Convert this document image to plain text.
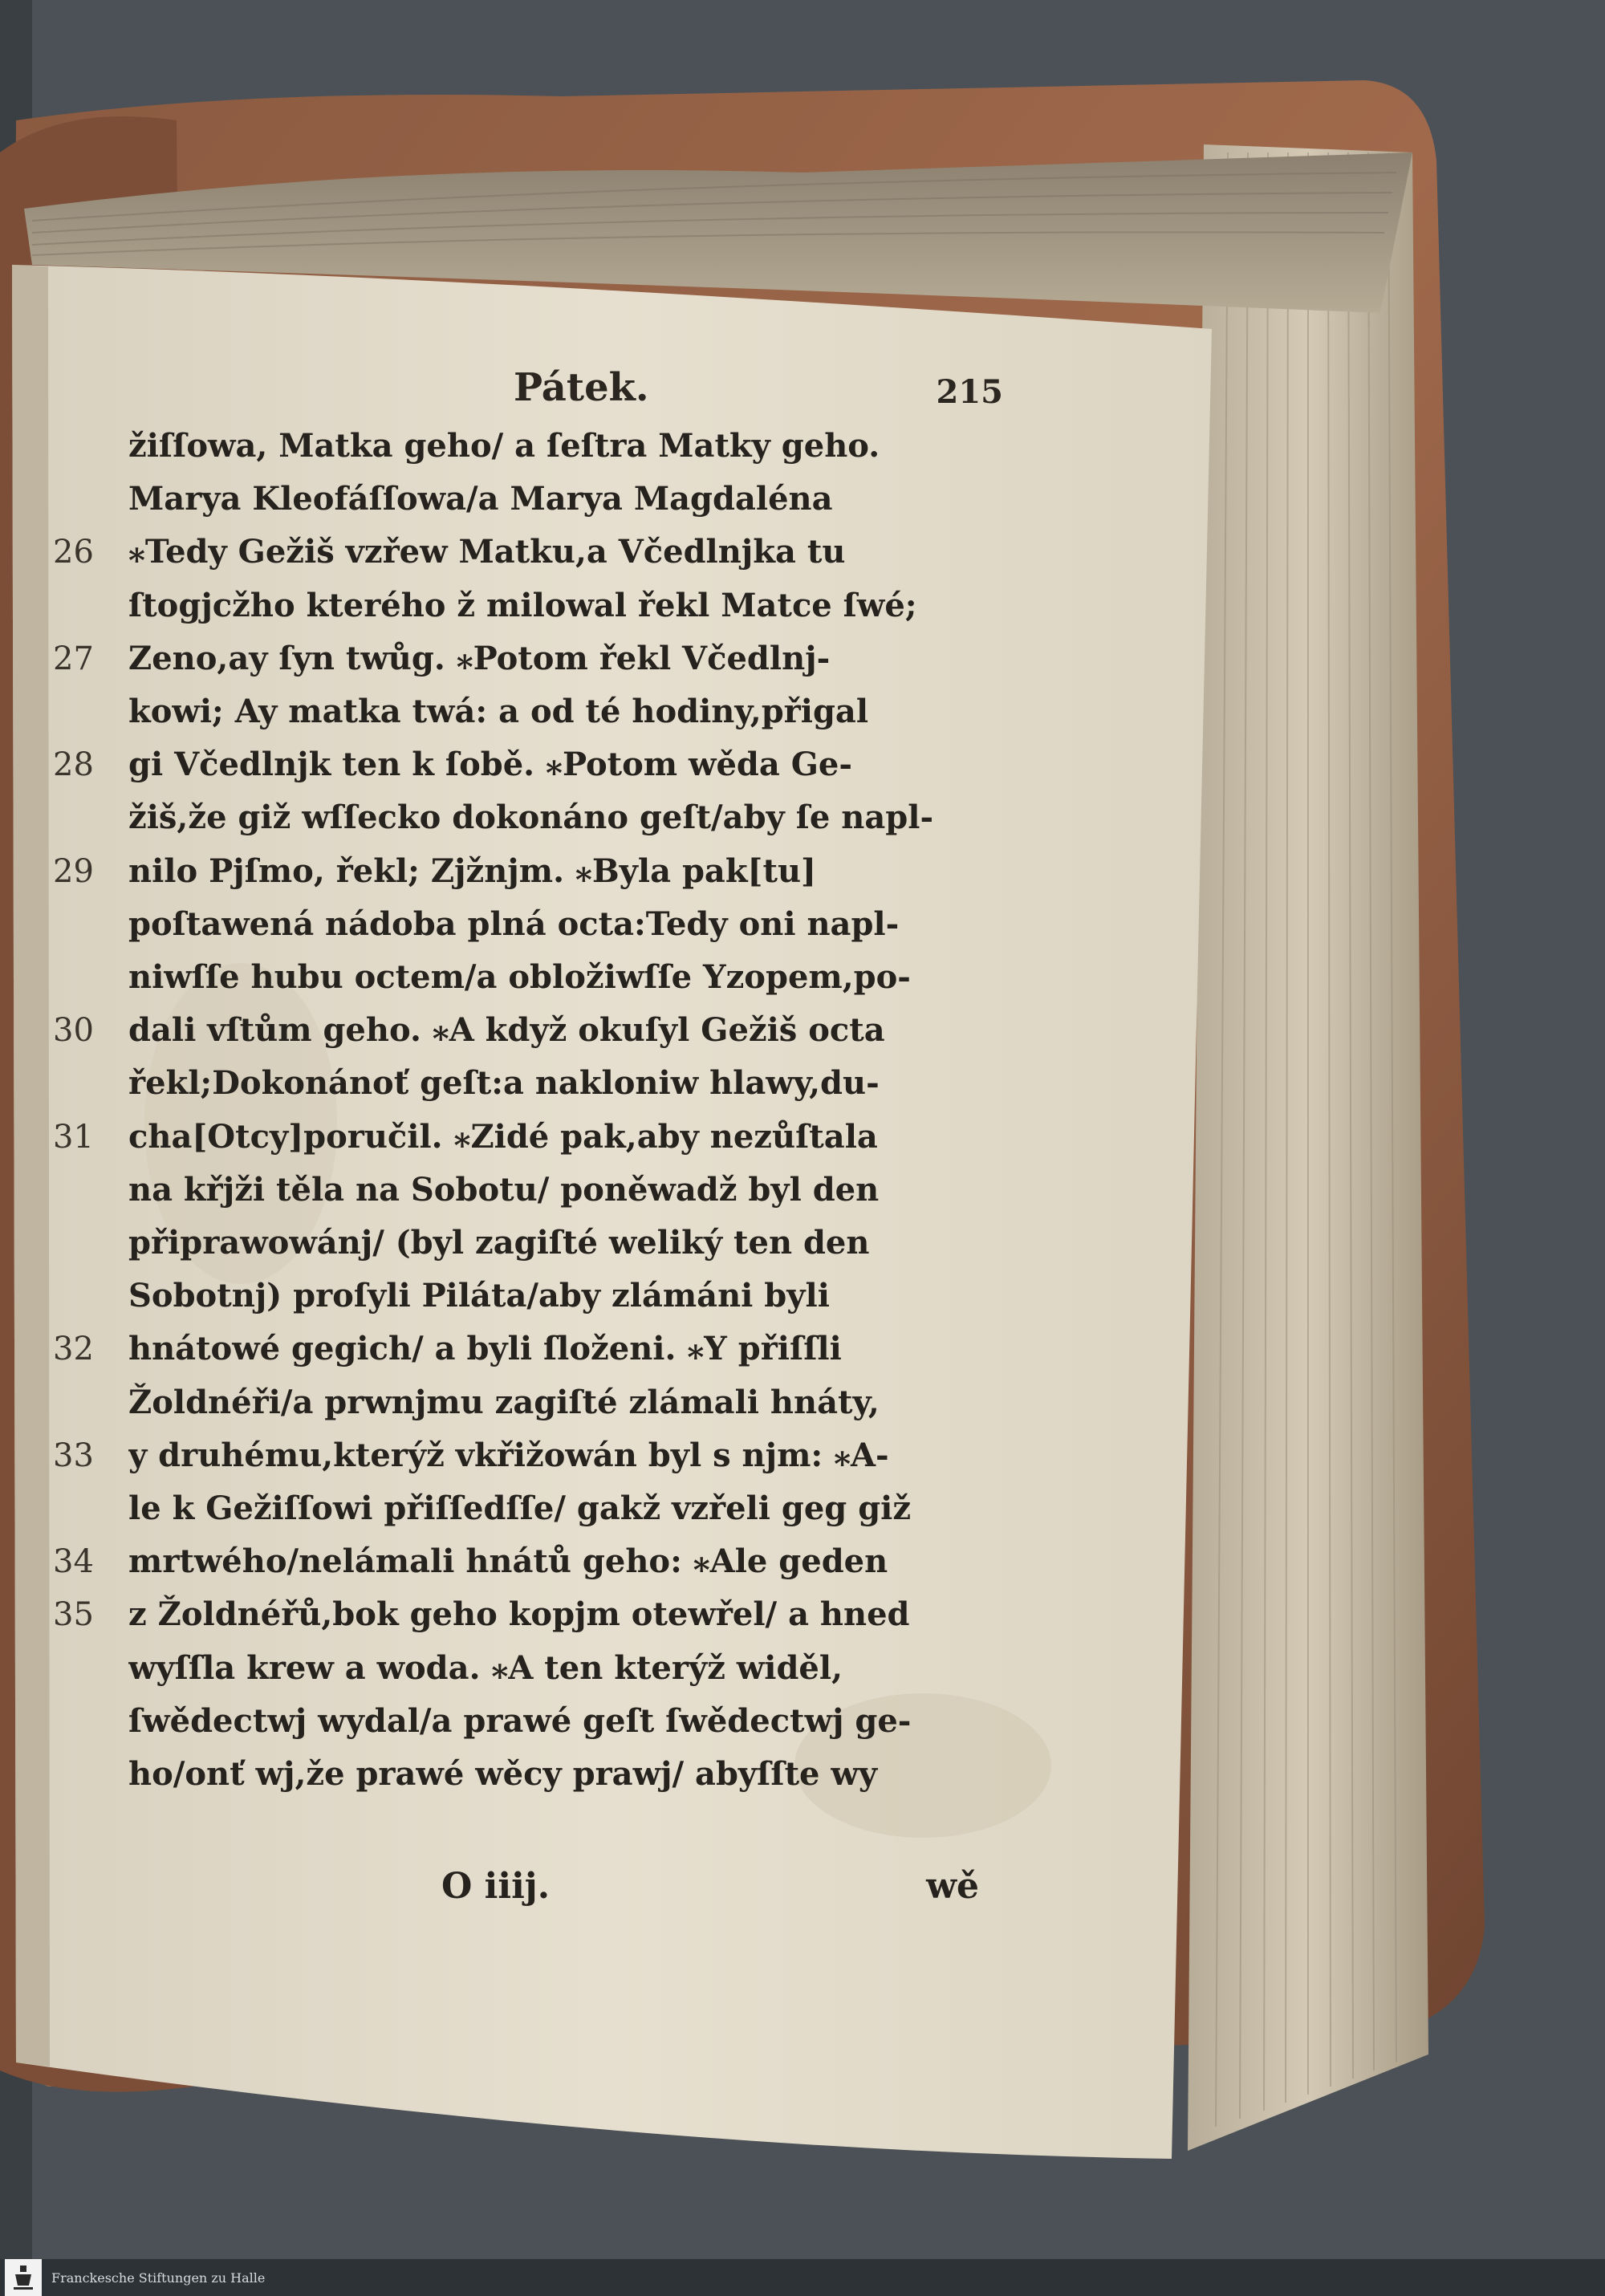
Pátek.	215
žiſſowa, Matka geho/ a ſeſtra Matky geho.
Marya Kleofáſſowa/a Marya Magdaléna
⁎Tedy Gežiš vzřew Matku,a Včedlnjka tu
ſtogjcžho kterého ž milowal řekl Matce ſwé;
Zeno,ay ſyn twůg. ⁎Potom řekl Včedlnj-
kowi; Ay matka twá: a od té hodiny,přigal
gi Včedlnjk ten k ſobě. ⁎Potom wěda Ge-
žiš,že giž wſſecko dokonáno geſt/aby ſe napl-
nilo Pjſmo, řekl; Zjžnjm. ⁎Byla pak[tu]
poſtawená nádoba plná octa:Tedy oni napl-
niwſſe hubu octem/a obložiwſſe Yzopem,po-
dali vſtům geho. ⁎A když okuſyl Gežiš octa
řekl;Dokonánoť geſt:a nakloniw hlawy,du-
cha[Otcy]poručil. ⁎Zidé pak,aby nezůſtala
na křjži těla na Sobotu/ poněwadž byl den
připrawowánj/ (byl zagiſté weliký ten den
Sobotnj) proſyli Piláta/aby zlámáni byli
hnátowé gegich/ a byli ſloženi. ⁎Y přiſſli
Žoldnéři/a prwnjmu zagiſté zlámali hnáty,
y druhému,kterýž vkřižowán byl s njm: ⁎A-
le k Gežiſſowi přiſſedſſe/ gakž vzřeli geg giž
mrtwého/nelámali hnátů geho: ⁎Ale geden
z Žoldnéřů,bok geho kopjm otewřel/ a hned
wyſſla krew a woda. ⁎A ten kterýž widěl,
ſwědectwj wydal/a prawé geſt ſwědectwj ge-
ho/onť wj,že prawé wěcy prawj/ abyſſte wy
26
27
28
29
30
31
32
33
34
35
O iiij.	wě
Franckesche Stiftungen zu Halle
